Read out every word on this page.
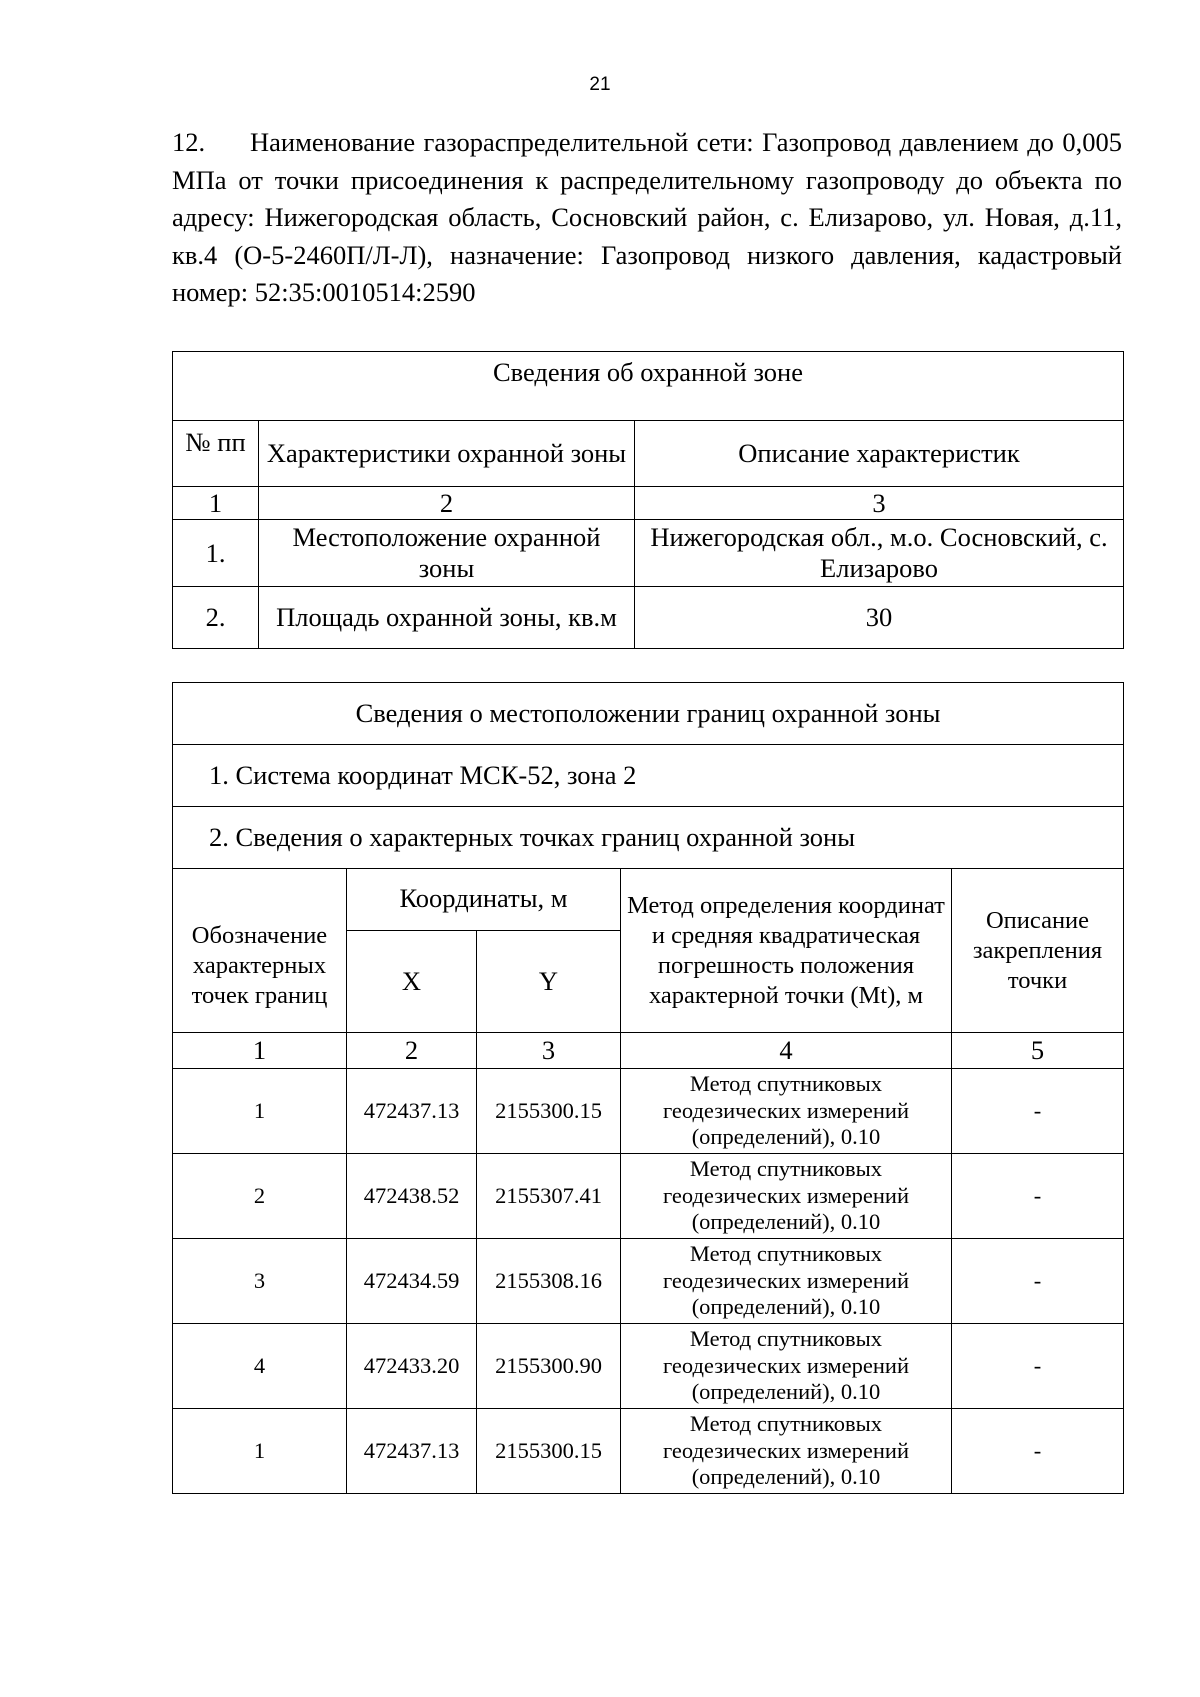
21
12. Наименование газораспределительной сети: Газопровод давлением до 0,005 МПа от точки присоединения к распределительному газопроводу до объекта по адресу: Нижегородская область, Сосновский район, с. Елизарово, ул. Новая, д.11, кв.4 (О-5-2460П/Л-Л), назначение: Газопровод низкого давления, кадастровый номер: 52:35:0010514:2590
Сведения об охранной зоне		
№ пп	Характеристики охранной зоны	Описание характеристик
1	2	3
1.	Местоположение охранной зоны	Нижегородская обл., м.о. Сосновский, с. Елизарово
2.	Площадь охранной зоны, кв.м	30
Сведения о местоположении границ охранной зоны				
1. Система координат МСК-52, зона 2				
2. Сведения о характерных точках границ охранной зоны				
Обозначение характерных точек границ	Координаты, м		Метод определения координат и средняя квадратическая погрешность положения характерной точки (Mt), м	Описание закрепления точки
	X	Y		
1	2	3	4	5
1	472437.13	2155300.15	Метод спутниковых геодезических измерений (определений), 0.10	-
2	472438.52	2155307.41	Метод спутниковых геодезических измерений (определений), 0.10	-
3	472434.59	2155308.16	Метод спутниковых геодезических измерений (определений), 0.10	-
4	472433.20	2155300.90	Метод спутниковых геодезических измерений (определений), 0.10	-
1	472437.13	2155300.15	Метод спутниковых геодезических измерений (определений), 0.10	-
